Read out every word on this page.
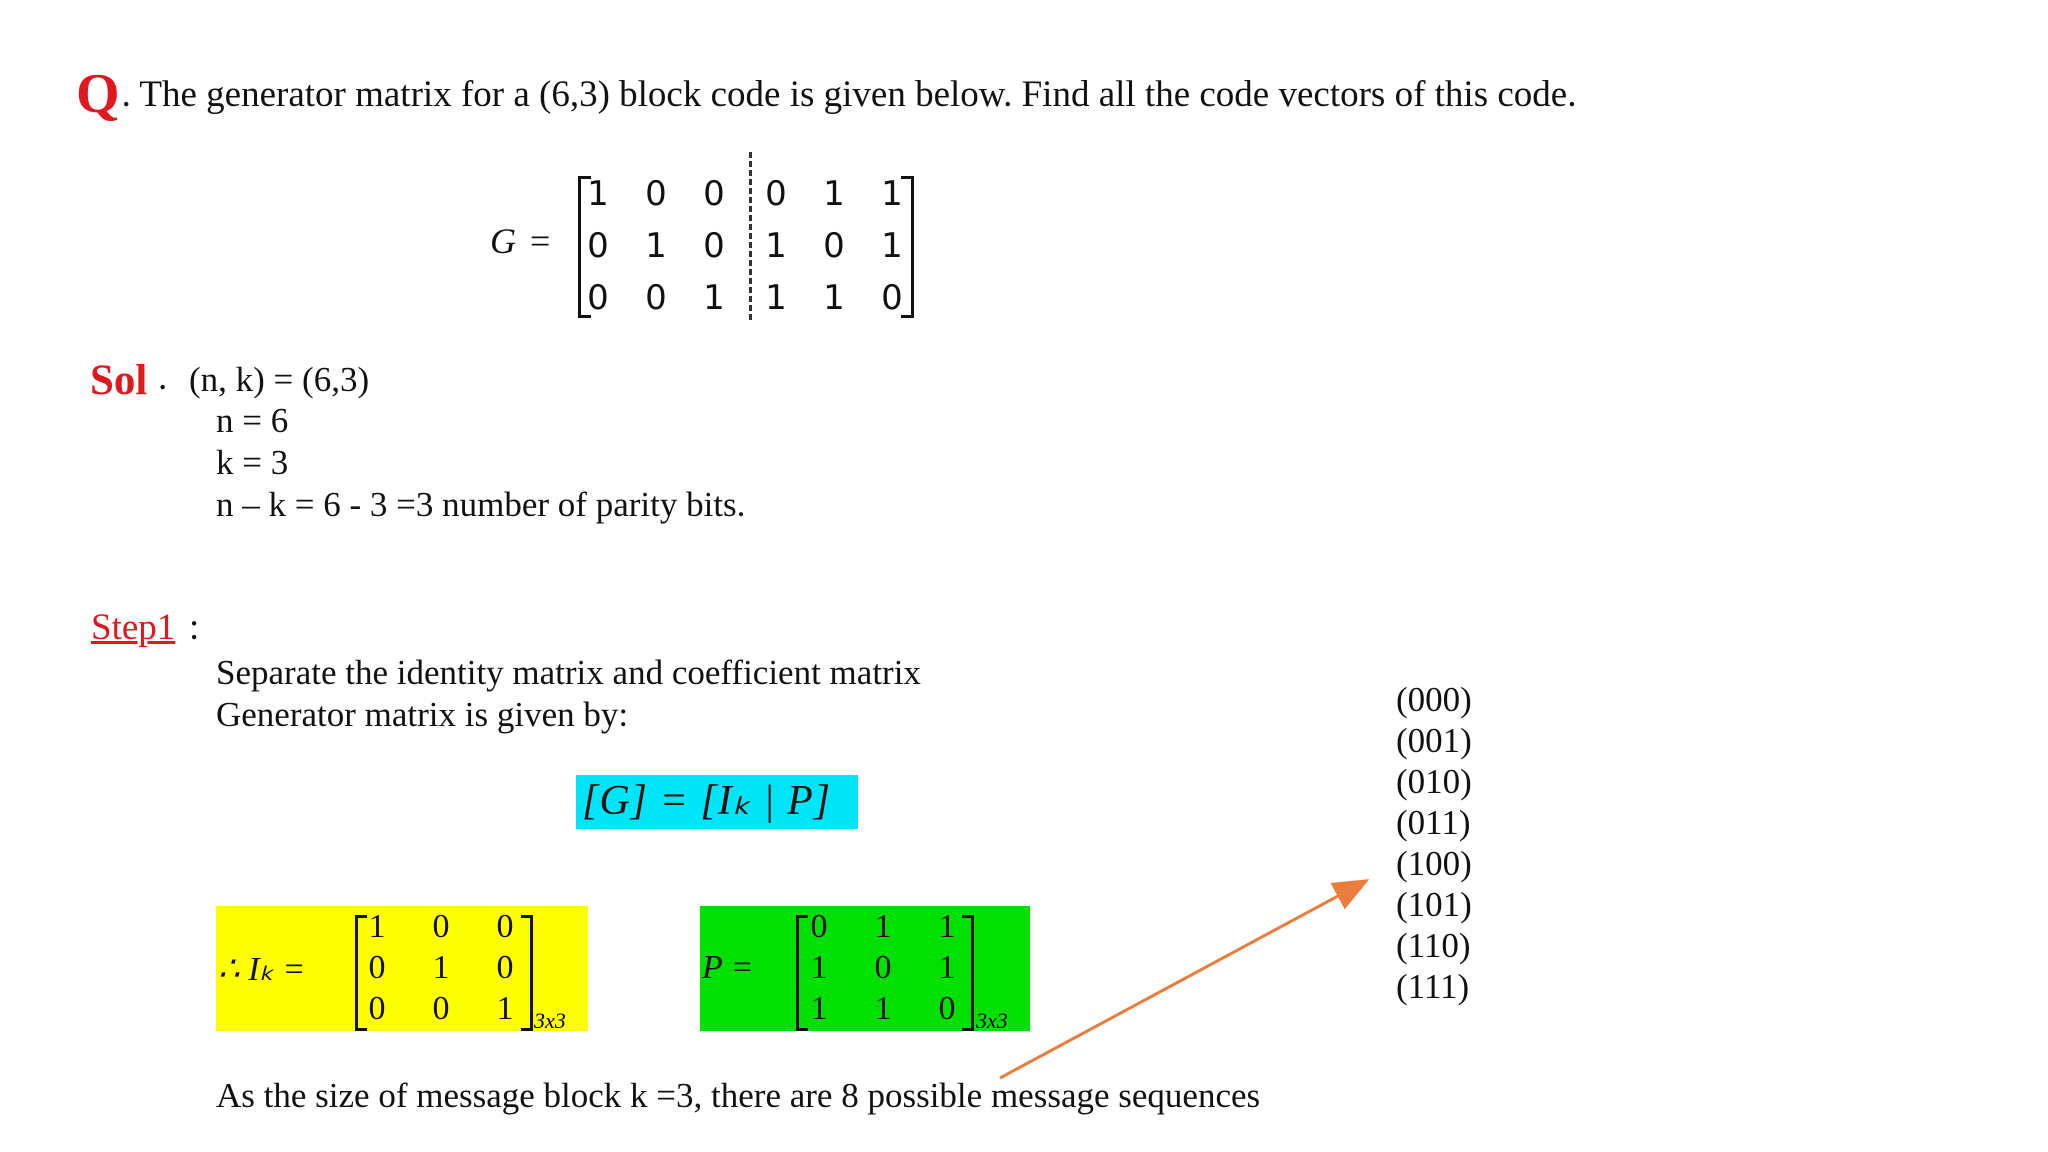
Q. The generator matrix for a (6,3) block code is given below. Find all the code vectors of this code.
G =
1 0 0 0 1 1
0 1 0 1 0 1
0 0 1 1 1 0
Sol . (n, k) = (6,3)
n = 6
k = 3
n – k = 6 - 3 =3 number of parity bits.
Step1 :
Separate the identity matrix and coefficient matrix
Generator matrix is given by:
[G] = [Iₖ | P]
∴ Iₖ =
1	0	0
0	1	0
0	0	1 3x3
P =
0	1	1
1	0	1
1	1	0 3x3
As the size of message block k =3, there are 8 possible message sequences
(000)
(001)
(010)
(011)
(100)
(101)
(110)
(111)
